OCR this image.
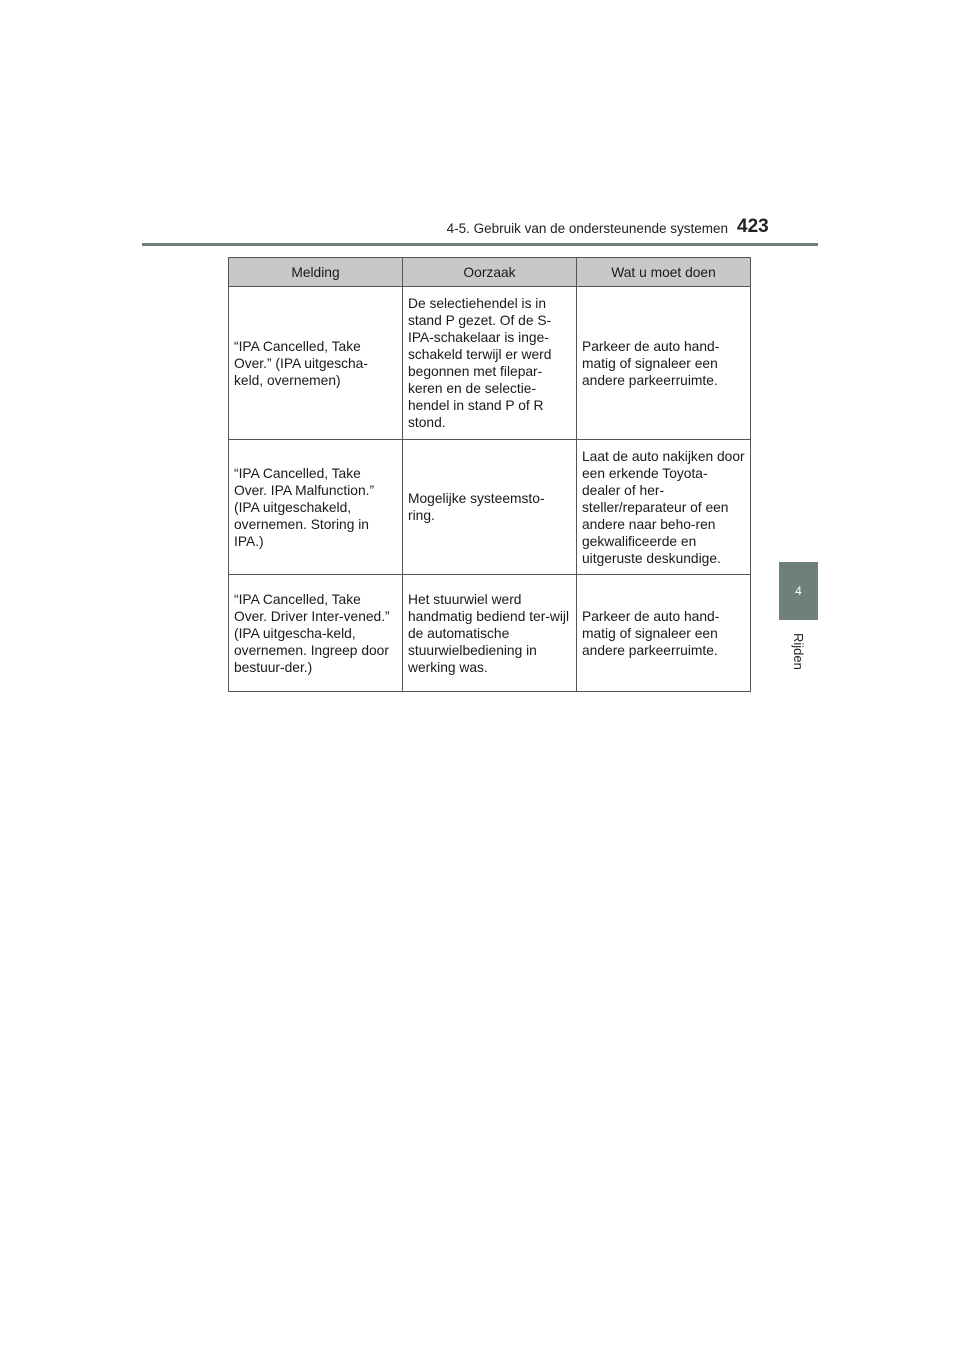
4-5. Gebruik van de ondersteunende systemen 423
4
Rijden
Melding	Oorzaak	Wat u moet doen
“IPA Cancelled, Take Over.” (IPA uitgescha-keld, overnemen)	De selectiehendel is in stand P gezet. Of de S-IPA-schakelaar is inge-schakeld terwijl er werd begonnen met filepar-keren en de selectie-hendel in stand P of R stond.	Parkeer de auto hand-matig of signaleer een andere parkeerruimte.
“IPA Cancelled, Take Over. IPA Malfunction.” (IPA uitgeschakeld, overnemen. Storing in IPA.)	Mogelijke systeemsto-ring.	Laat de auto nakijken door een erkende Toyota-dealer of her-steller/reparateur of een andere naar beho-ren gekwalificeerde en uitgeruste deskundige.
“IPA Cancelled, Take Over. Driver Inter-vened.” (IPA uitgescha-keld, overnemen. Ingreep door bestuur-der.)	Het stuurwiel werd handmatig bediend ter-wijl de automatische stuurwielbediening in werking was.	Parkeer de auto hand-matig of signaleer een andere parkeerruimte.
